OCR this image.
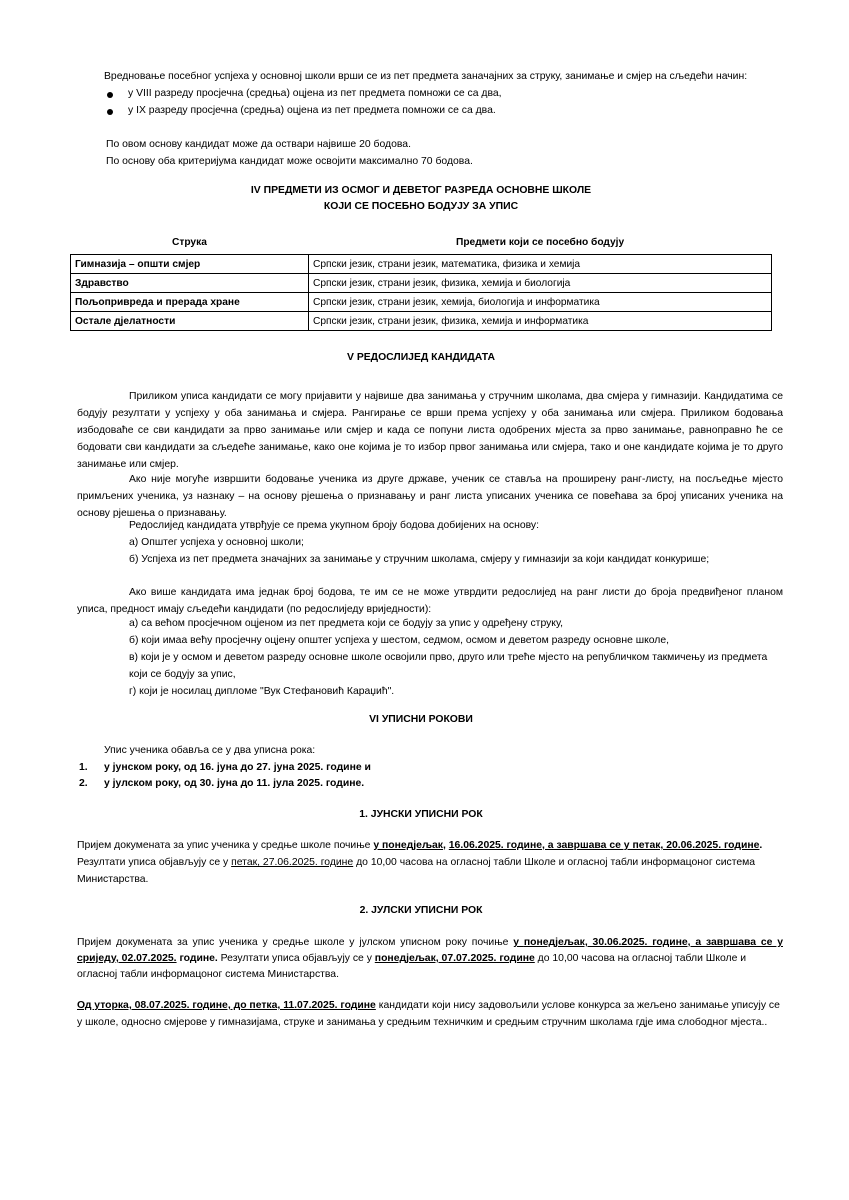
Вредновање посебног успјеха у основној школи врши се из пет предмета заначајних за струку, занимање и смјер на сљедећи начин:

у VIII разреду просјечна (средња) оцјена из пет предмета помножи се са два,

у IX разреду просјечна (средња) оцјена из пет предмета помножи се са два.

По овом основу кандидат може да оствари највише 20 бодова.

По основу оба критеријума кандидат може освојити максимално 70 бодова.

IV ПРЕДМЕТИ ИЗ ОСМОГ И ДЕВЕТОГ РАЗРЕДА ОСНОВНЕ ШКОЛЕ

КОЈИ СЕ ПОСЕБНО БОДУЈУ ЗА УПИС

Струка	Предмети који се посебно бодују
Гимназија – општи смјер	Српски језик, страни језик, математика, физика и хемија
Здравство	Српски језик, страни језик, физика, хемија и биологија
Пољопривреда и прерада хране	Српски језик, страни језик, хемија, биологија и информатика
Остале дјелатности	Српски језик, страни језик, физика, хемија и информатика

V РЕДОСЛИЈЕД КАНДИДАТА

Приликом уписа кандидати се могу пријавити у највише два занимања у стручним школама, два смјера у гимназији. Кандидатима се бодују резултати у успјеху у оба занимања и смјера. Рангирање се врши према успјеху у оба занимања или смјера. Приликом бодовања избодоваће се сви кандидати за прво занимање или смјер и када се попуни листа одобрених мјеста за прво занимање, равноправно ће се бодовати сви кандидати за сљедеће занимање, како оне којима је то избор првог занимања или смјера, тако и оне кандидате којима је то друго занимање или смјер.

Ако није могуће извршити бодовање ученика из друге државе, ученик се ставља на проширену ранг-листу, на посљедње мјесто примљених ученика, уз назнаку – на основу рјешења о признавању и ранг листа уписаних ученика се повећава за број уписаних ученика на основу рјешења о признавању.

Редослијед кандидата утврђује се према укупном броју бодова добијених на основу:

а) Општег успјеха у основној школи;

б) Успјеха из пет предмета значајних за занимање у стручним школама, смјеру у гимназији за који кандидат конкурише;

Ако више кандидата има једнак број бодова, те им се не може утврдити редослијед на ранг листи до броја предвиђеног планом уписа, предност имају сљедећи кандидати (по редослиједу вриједности):

а) са већом просјечном оцјеном из пет предмета који се бодују за упис у одређену струку,

б) који имаа већу просјечну оцјену општег успјеха у шестом, седмом, осмом и деветом разреду основне школе,

в) који је у осмом и деветом разреду основне школе освојили прво, друго или треће мјесто на републичком такмичењу из предмета

који се бодују за упис,

г) који је носилац дипломе "Вук Стефановић Караџић".

VI УПИСНИ РОКОВИ

Упис ученика обавља се у два уписна рока:

1. у јунском року, од 16. јуна до 27. јуна 2025. године и
2. у јулском року, од 30. јуна до 11. јула 2025. године.

1. ЈУНСКИ УПИСНИ РОК

Пријем докумената за упис ученика у средње школе почиње у понедјељак, 16.06.2025. године, а завршава се у петак, 20.06.2025. године.

Резултати уписа објављују се у петак, 27.06.2025. године до 10,00 часова на огласној табли Школе и огласној табли информацоног система

Министарства.

2. ЈУЛСКИ УПИСНИ РОК

Пријем докумената за упис ученика у средње школе у јулском уписном року почиње у понедјељак, 30.06.2025. године, а завршава се у

сриједу, 02.07.2025. године. Резултати уписа објављују се у понедјељак, 07.07.2025. године до 10,00 часова на огласној табли Школе и

огласној табли информацоног система Министарства.

Од уторка, 08.07.2025. године, до петка, 11.07.2025. године кандидати који нису задовољили услове конкурса за жељено занимање уписују се

у школе, односно смјерове у гимназијама, струке и занимања у средњим техничким и средњим стручним школама гдје има слободног мјеста..
